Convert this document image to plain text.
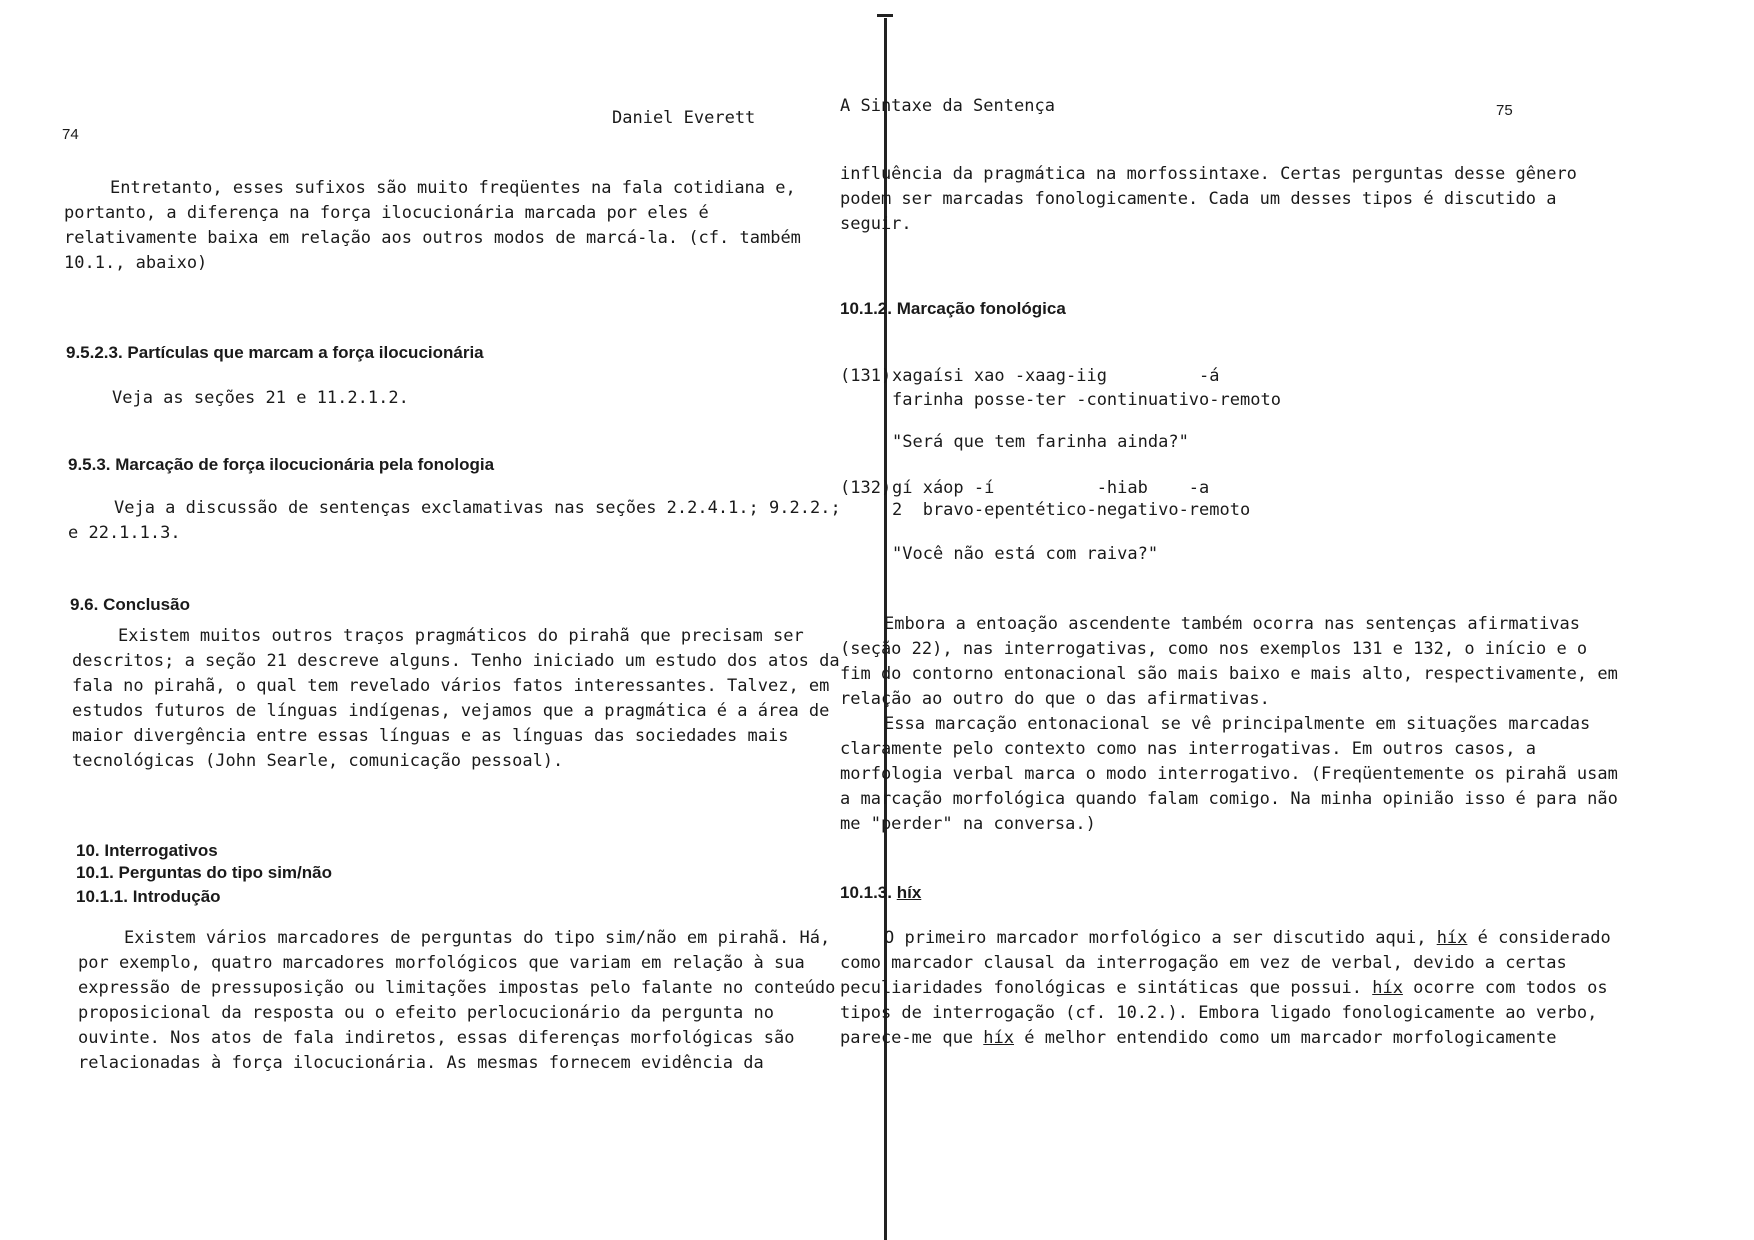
74
Daniel Everett
Entretanto, esses sufixos são muito freqüentes na fala cotidiana e,
portanto, a diferença na força ilocucionária marcada por eles é
relativamente baixa em relação aos outros modos de marcá-la. (cf. também
10.1., abaixo)
9.5.2.3. Partículas que marcam a força ilocucionária
Veja as seções 21 e 11.2.1.2.
9.5.3. Marcação de força ilocucionária pela fonologia
Veja a discussão de sentenças exclamativas nas seções 2.2.4.1.; 9.2.2.;
e 22.1.1.3.
9.6. Conclusão
Existem muitos outros traços pragmáticos do pirahã que precisam ser
descritos; a seção 21 descreve alguns. Tenho iniciado um estudo dos atos da
fala no pirahã, o qual tem revelado vários fatos interessantes. Talvez, em
estudos futuros de línguas indígenas, vejamos que a pragmática é a área de
maior divergência entre essas línguas e as línguas das sociedades mais
tecnológicas (John Searle, comunicação pessoal).
10. Interrogativos
10.1. Perguntas do tipo sim/não
10.1.1. Introdução
Existem vários marcadores de perguntas do tipo sim/não em pirahã. Há,
por exemplo, quatro marcadores morfológicos que variam em relação à sua
expressão de pressuposição ou limitações impostas pelo falante no conteúdo
proposicional da resposta ou o efeito perlocucionário da pergunta no
ouvinte. Nos atos de fala indiretos, essas diferenças morfológicas são
relacionadas à força ilocucionária. As mesmas fornecem evidência da
A Sintaxe da Sentença	75
influência da pragmática na morfossintaxe. Certas perguntas desse gênero
podem ser marcadas fonologicamente. Cada um desses tipos é discutido a
seguir.
10.1.2. Marcação fonológica
(131) xagaísi xao -xaag-iig         -á
farinha posse-ter -continuativo-remoto
"Será que tem farinha ainda?"
(132) gí xáop -í          -hiab    -a
2  bravo-epentético-negativo-remoto
"Você não está com raiva?"
Embora a entoação ascendente também ocorra nas sentenças afirmativas
(seção 22), nas interrogativas, como nos exemplos 131 e 132, o início e o
fim do contorno entonacional são mais baixo e mais alto, respectivamente, em
relação ao outro do que o das afirmativas.
Essa marcação entonacional se vê principalmente em situações marcadas
claramente pelo contexto como nas interrogativas. Em outros casos, a
morfologia verbal marca o modo interrogativo. (Freqüentemente os pirahã usam
a marcação morfológica quando falam comigo. Na minha opinião isso é para não
me "perder" na conversa.)
10.1.3. híx
O primeiro marcador morfológico a ser discutido aqui, híx é considerado
como marcador clausal da interrogação em vez de verbal, devido a certas
peculiaridades fonológicas e sintáticas que possui. híx ocorre com todos os
tipos de interrogação (cf. 10.2.). Embora ligado fonologicamente ao verbo,
parece-me que híx é melhor entendido como um marcador morfologicamente
